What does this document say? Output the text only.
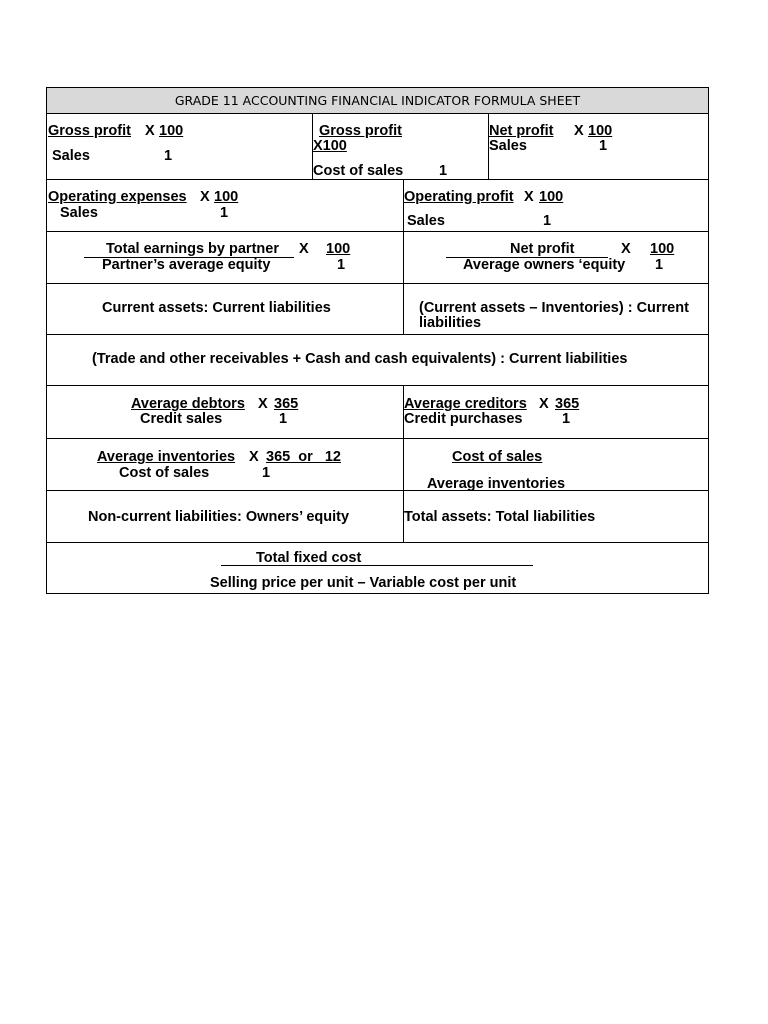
GRADE 11 ACCOUNTING FINANCIAL INDICATOR FORMULA SHEET
Gross profit X 100
Sales	1
Gross profit
X100
Cost of sales 1
Net profit X 100
Sales	1
Operating expenses X 100
Sales	1
Operating profit X 100
Sales	1
Total earnings by partner X 100
Partner’s average equity	1
Net profit	X 100
Average owners ‘equity 1
Current assets: Current liabilities	(Current assets – Inventories) : Current
liabilities
(Trade and other receivables + Cash and cash equivalents) : Current liabilities
Average debtors X 365
Credit sales	1
Average creditors X 365
Credit purchases	1
Average inventories X 365  or   12
Cost of sales	1
Cost of sales
Average inventories
Non-current liabilities: Owners’ equity	Total assets: Total liabilities
Total fixed cost
Selling price per unit – Variable cost per unit
